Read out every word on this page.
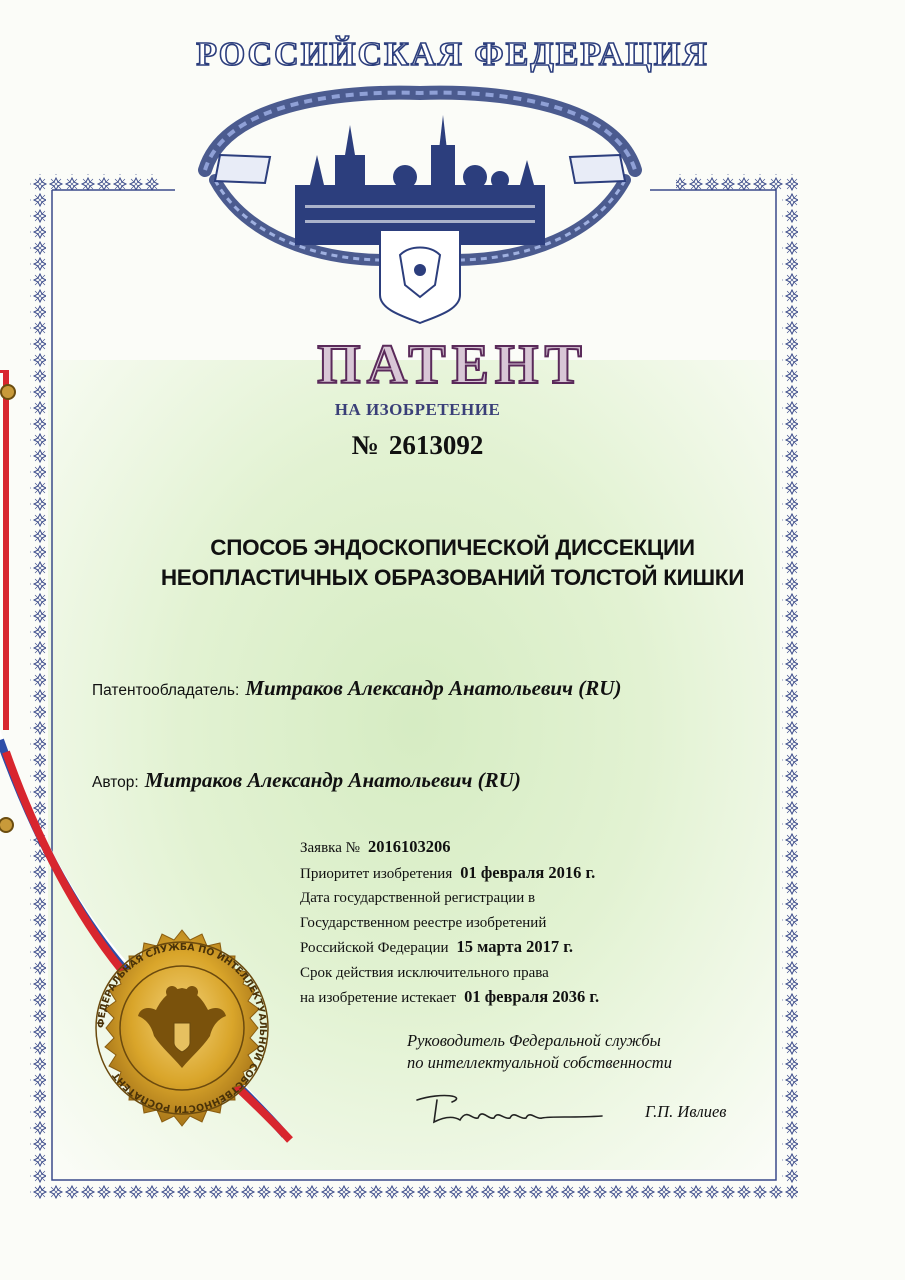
РОССИЙСКАЯ ФЕДЕРАЦИЯ
ПАТЕНТ
НА ИЗОБРЕТЕНИЕ
№ 2613092
СПОСОБ ЭНДОСКОПИЧЕСКОЙ ДИССЕКЦИИ
НЕОПЛАСТИЧНЫХ ОБРАЗОВАНИЙ ТОЛСТОЙ КИШКИ
Патентообладатель: Митраков Александр Анатольевич (RU)
Автор: Митраков Александр Анатольевич (RU)
Заявка № 2016103206
Приоритет изобретения 01 февраля 2016 г.
Дата государственной регистрации в
Государственном реестре изобретений
Российской Федерации 15 марта 2017 г.
Срок действия исключительного права
на изобретение истекает 01 февраля 2036 г.
Руководитель Федеральной службы
по интеллектуальной собственности
Г.П. Ивлиев
ФЕДЕРАЛЬНАЯ СЛУЖБА ПО ИНТЕЛЛЕКТУАЛЬНОЙ СОБСТВЕННОСТИ РОСПАТЕНТ
